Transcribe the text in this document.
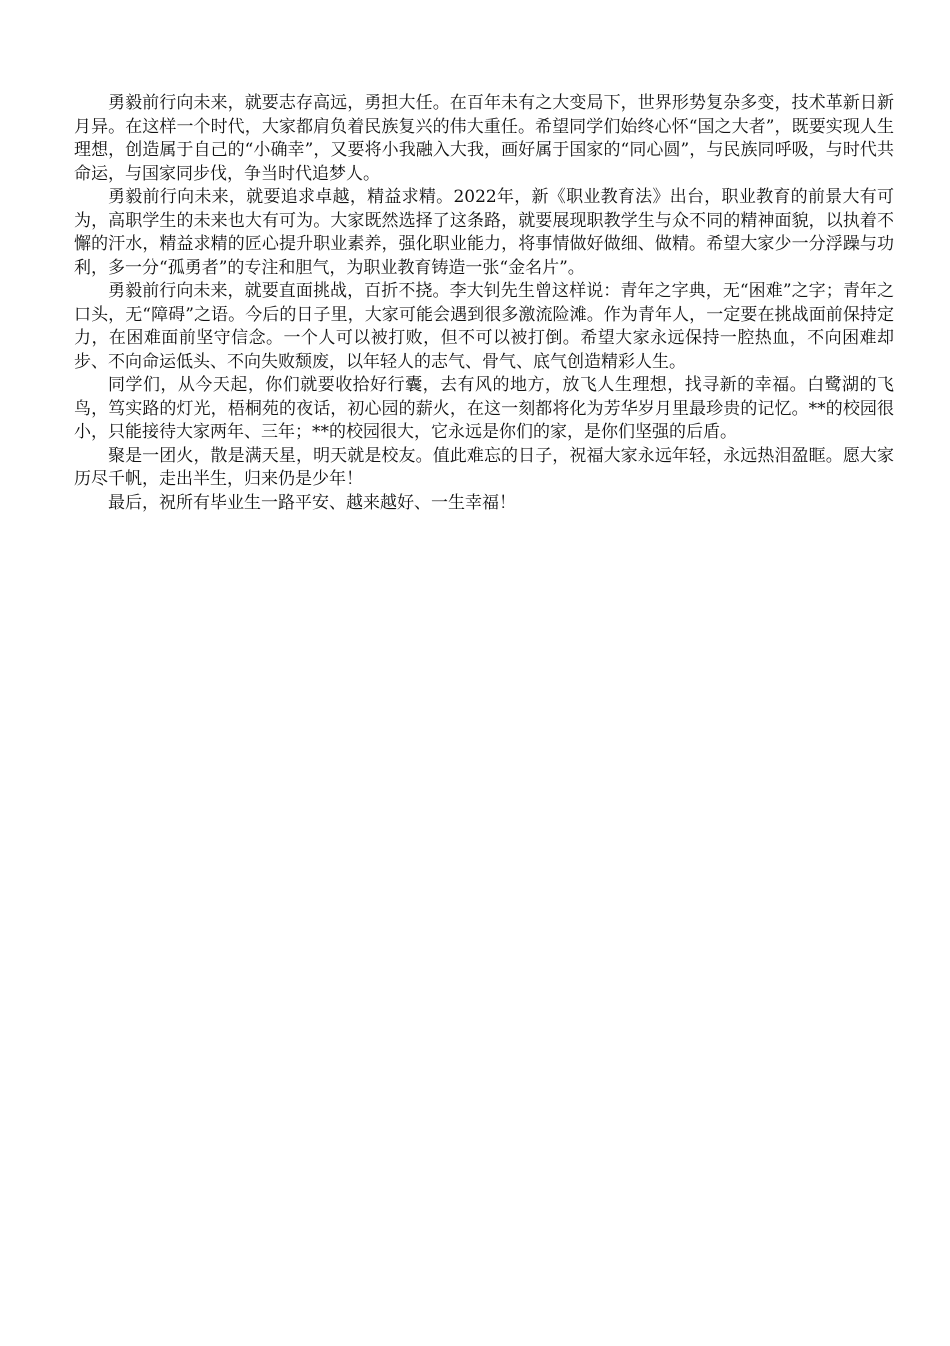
勇毅前行向未来，就要志存高远，勇担大任。在百年未有之大变局下，世界形势复杂多变，技术革新日新月异。在这样一个时代，大家都肩负着民族复兴的伟大重任。希望同学们始终心怀“国之大者”，既要实现人生理想，创造属于自己的“小确幸”，又要将小我融入大我，画好属于国家的“同心圆”，与民族同呼吸，与时代共命运，与国家同步伐，争当时代追梦人。

勇毅前行向未来，就要追求卓越，精益求精。2022年，新《职业教育法》出台，职业教育的前景大有可为，高职学生的未来也大有可为。大家既然选择了这条路，就要展现职教学生与众不同的精神面貌，以执着不懈的汗水，精益求精的匠心提升职业素养，强化职业能力，将事情做好做细、做精。希望大家少一分浮躁与功利，多一分“孤勇者”的专注和胆气，为职业教育铸造一张“金名片”。

勇毅前行向未来，就要直面挑战，百折不挠。李大钊先生曾这样说：青年之字典，无“困难”之字；青年之口头，无“障碍”之语。今后的日子里，大家可能会遇到很多激流险滩。作为青年人，一定要在挑战面前保持定力，在困难面前坚守信念。一个人可以被打败，但不可以被打倒。希望大家永远保持一腔热血，不向困难却步、不向命运低头、不向失败颓废，以年轻人的志气、骨气、底气创造精彩人生。

同学们，从今天起，你们就要收拾好行囊，去有风的地方，放飞人生理想，找寻新的幸福。白鹭湖的飞鸟，笃实路的灯光，梧桐苑的夜话，初心园的薪火，在这一刻都将化为芳华岁月里最珍贵的记忆。**的校园很小，只能接待大家两年、三年；**的校园很大，它永远是你们的家，是你们坚强的后盾。

聚是一团火，散是满天星，明天就是校友。值此难忘的日子，祝福大家永远年轻，永远热泪盈眶。愿大家历尽千帆，走出半生，归来仍是少年！

最后，祝所有毕业生一路平安、越来越好、一生幸福！
